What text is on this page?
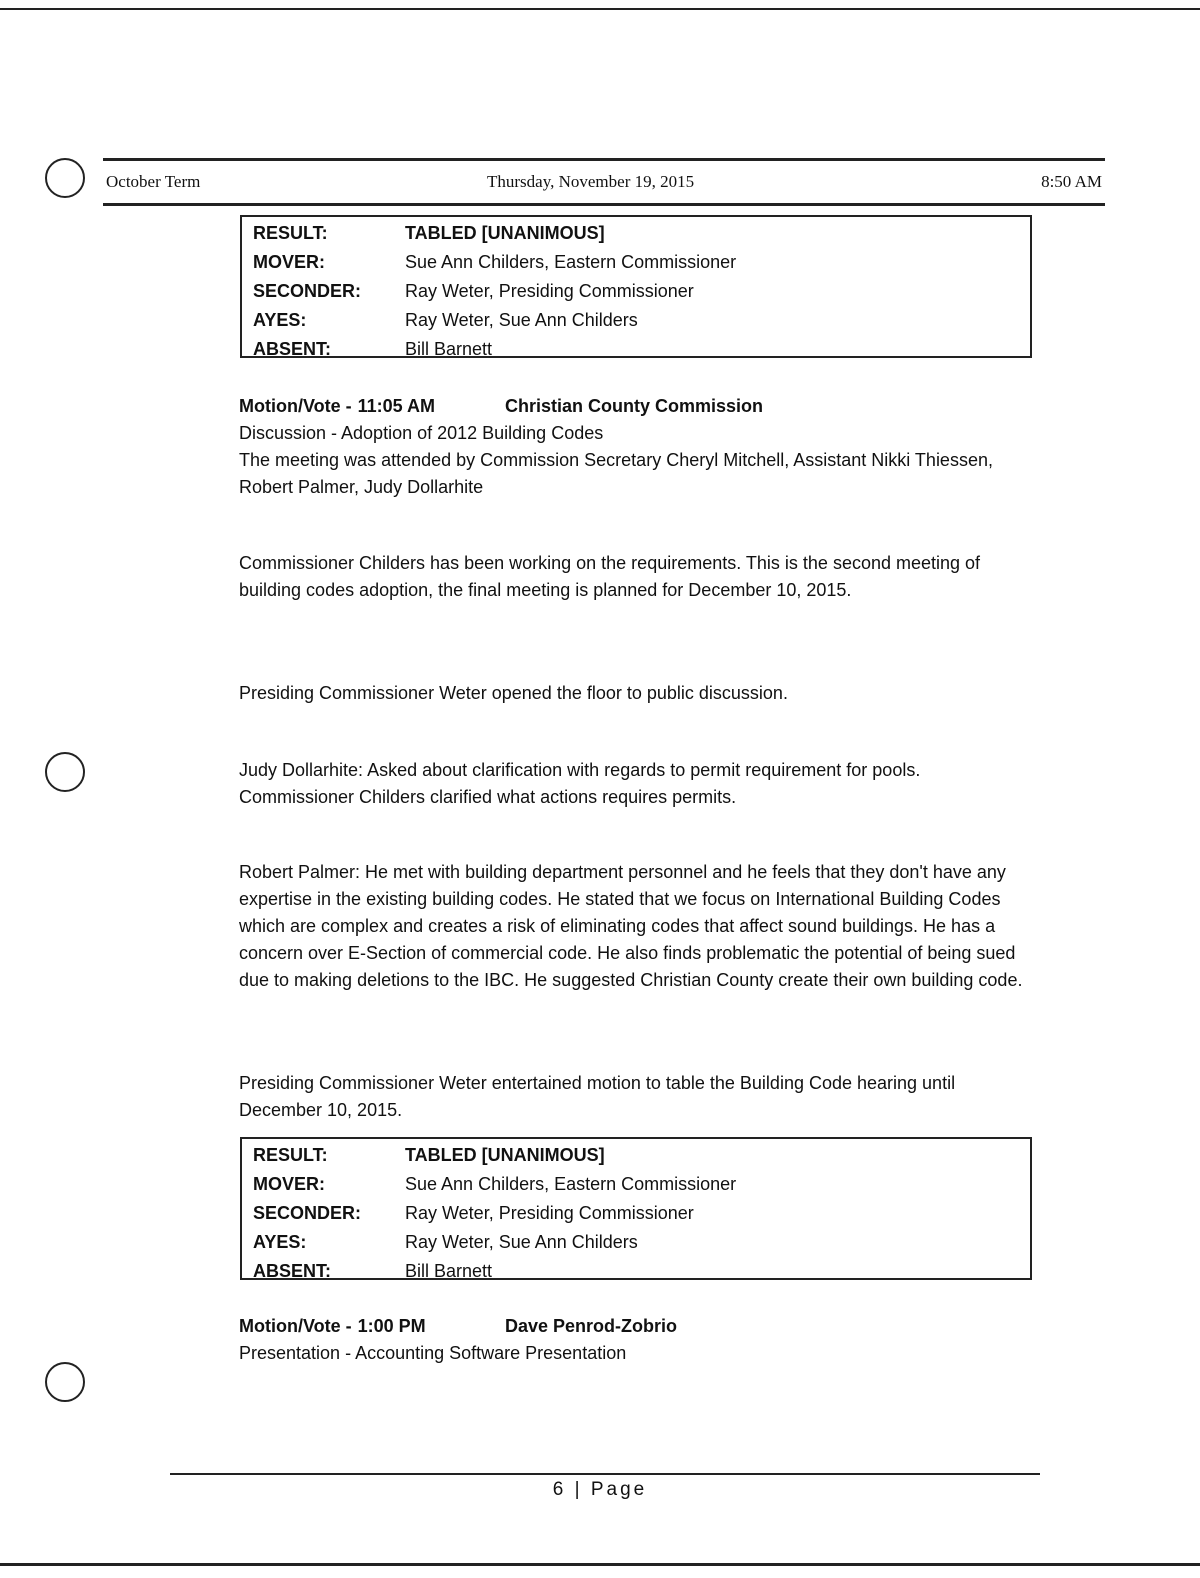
October Term	Thursday, November 19, 2015	8:50 AM
RESULT:	TABLED [UNANIMOUS]
MOVER:	Sue Ann Childers, Eastern Commissioner
SECONDER: Ray Weter, Presiding Commissioner
AYES:	Ray Weter, Sue Ann Childers
ABSENT:	Bill Barnett
Motion/Vote - 11:05 AM	Christian County Commission
Discussion - Adoption of 2012 Building Codes
The meeting was attended by Commission Secretary Cheryl Mitchell, Assistant Nikki Thiessen, Robert Palmer, Judy Dollarhite
Commissioner Childers has been working on the requirements. This is the second meeting of building codes adoption, the final meeting is planned for December 10, 2015.
Presiding Commissioner Weter opened the floor to public discussion.
Judy Dollarhite: Asked about clarification with regards to permit requirement for pools. Commissioner Childers clarified what actions requires permits.
Robert Palmer: He met with building department personnel and he feels that they don't have any expertise in the existing building codes. He stated that we focus on International Building Codes which are complex and creates a risk of eliminating codes that affect sound buildings. He has a concern over E-Section of commercial code. He also finds problematic the potential of being sued due to making deletions to the IBC. He suggested Christian County create their own building code.
Presiding Commissioner Weter entertained motion to table the Building Code hearing until December 10, 2015.
RESULT:	TABLED [UNANIMOUS]
MOVER:	Sue Ann Childers, Eastern Commissioner
SECONDER: Ray Weter, Presiding Commissioner
AYES:	Ray Weter, Sue Ann Childers
ABSENT:	Bill Barnett
Motion/Vote - 1:00 PM	Dave Penrod-Zobrio
Presentation - Accounting Software Presentation
6 | Page
